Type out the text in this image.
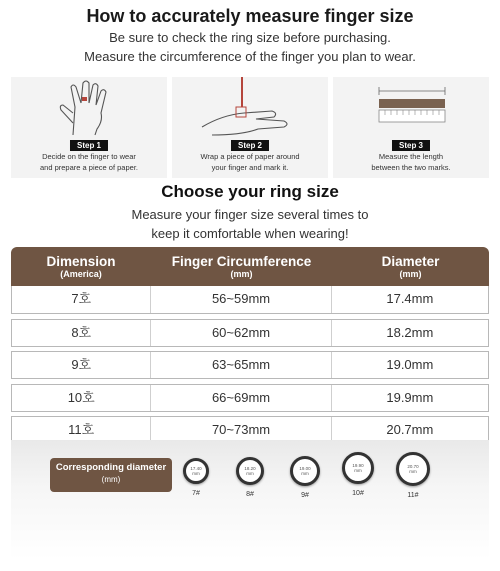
How to accurately measure finger size
Be sure to check the ring size before purchasing.
Measure the circumference of the finger you plan to wear.
Step 1
Decide on the finger to wear
and prepare a piece of paper.
Step 2
Wrap a piece of paper around
your finger and mark it.
Step 3
Measure the length
between the two marks.
Choose your ring size
Measure your finger size several times to
keep it comfortable when wearing!
Dimension
(America)
Finger Circumference
(mm)
Diameter
(mm)
7호	56~59mm	17.4mm
8호	60~62mm	18.2mm
9호	63~65mm	19.0mm
10호	66~69mm	19.9mm
11호	70~73mm	20.7mm
Corresponding diameter
(mm)
17.40
mm
7#
18.20
mm
8#
19.00
mm
9#
19.90
mm
10#
20.70
mm
11#
